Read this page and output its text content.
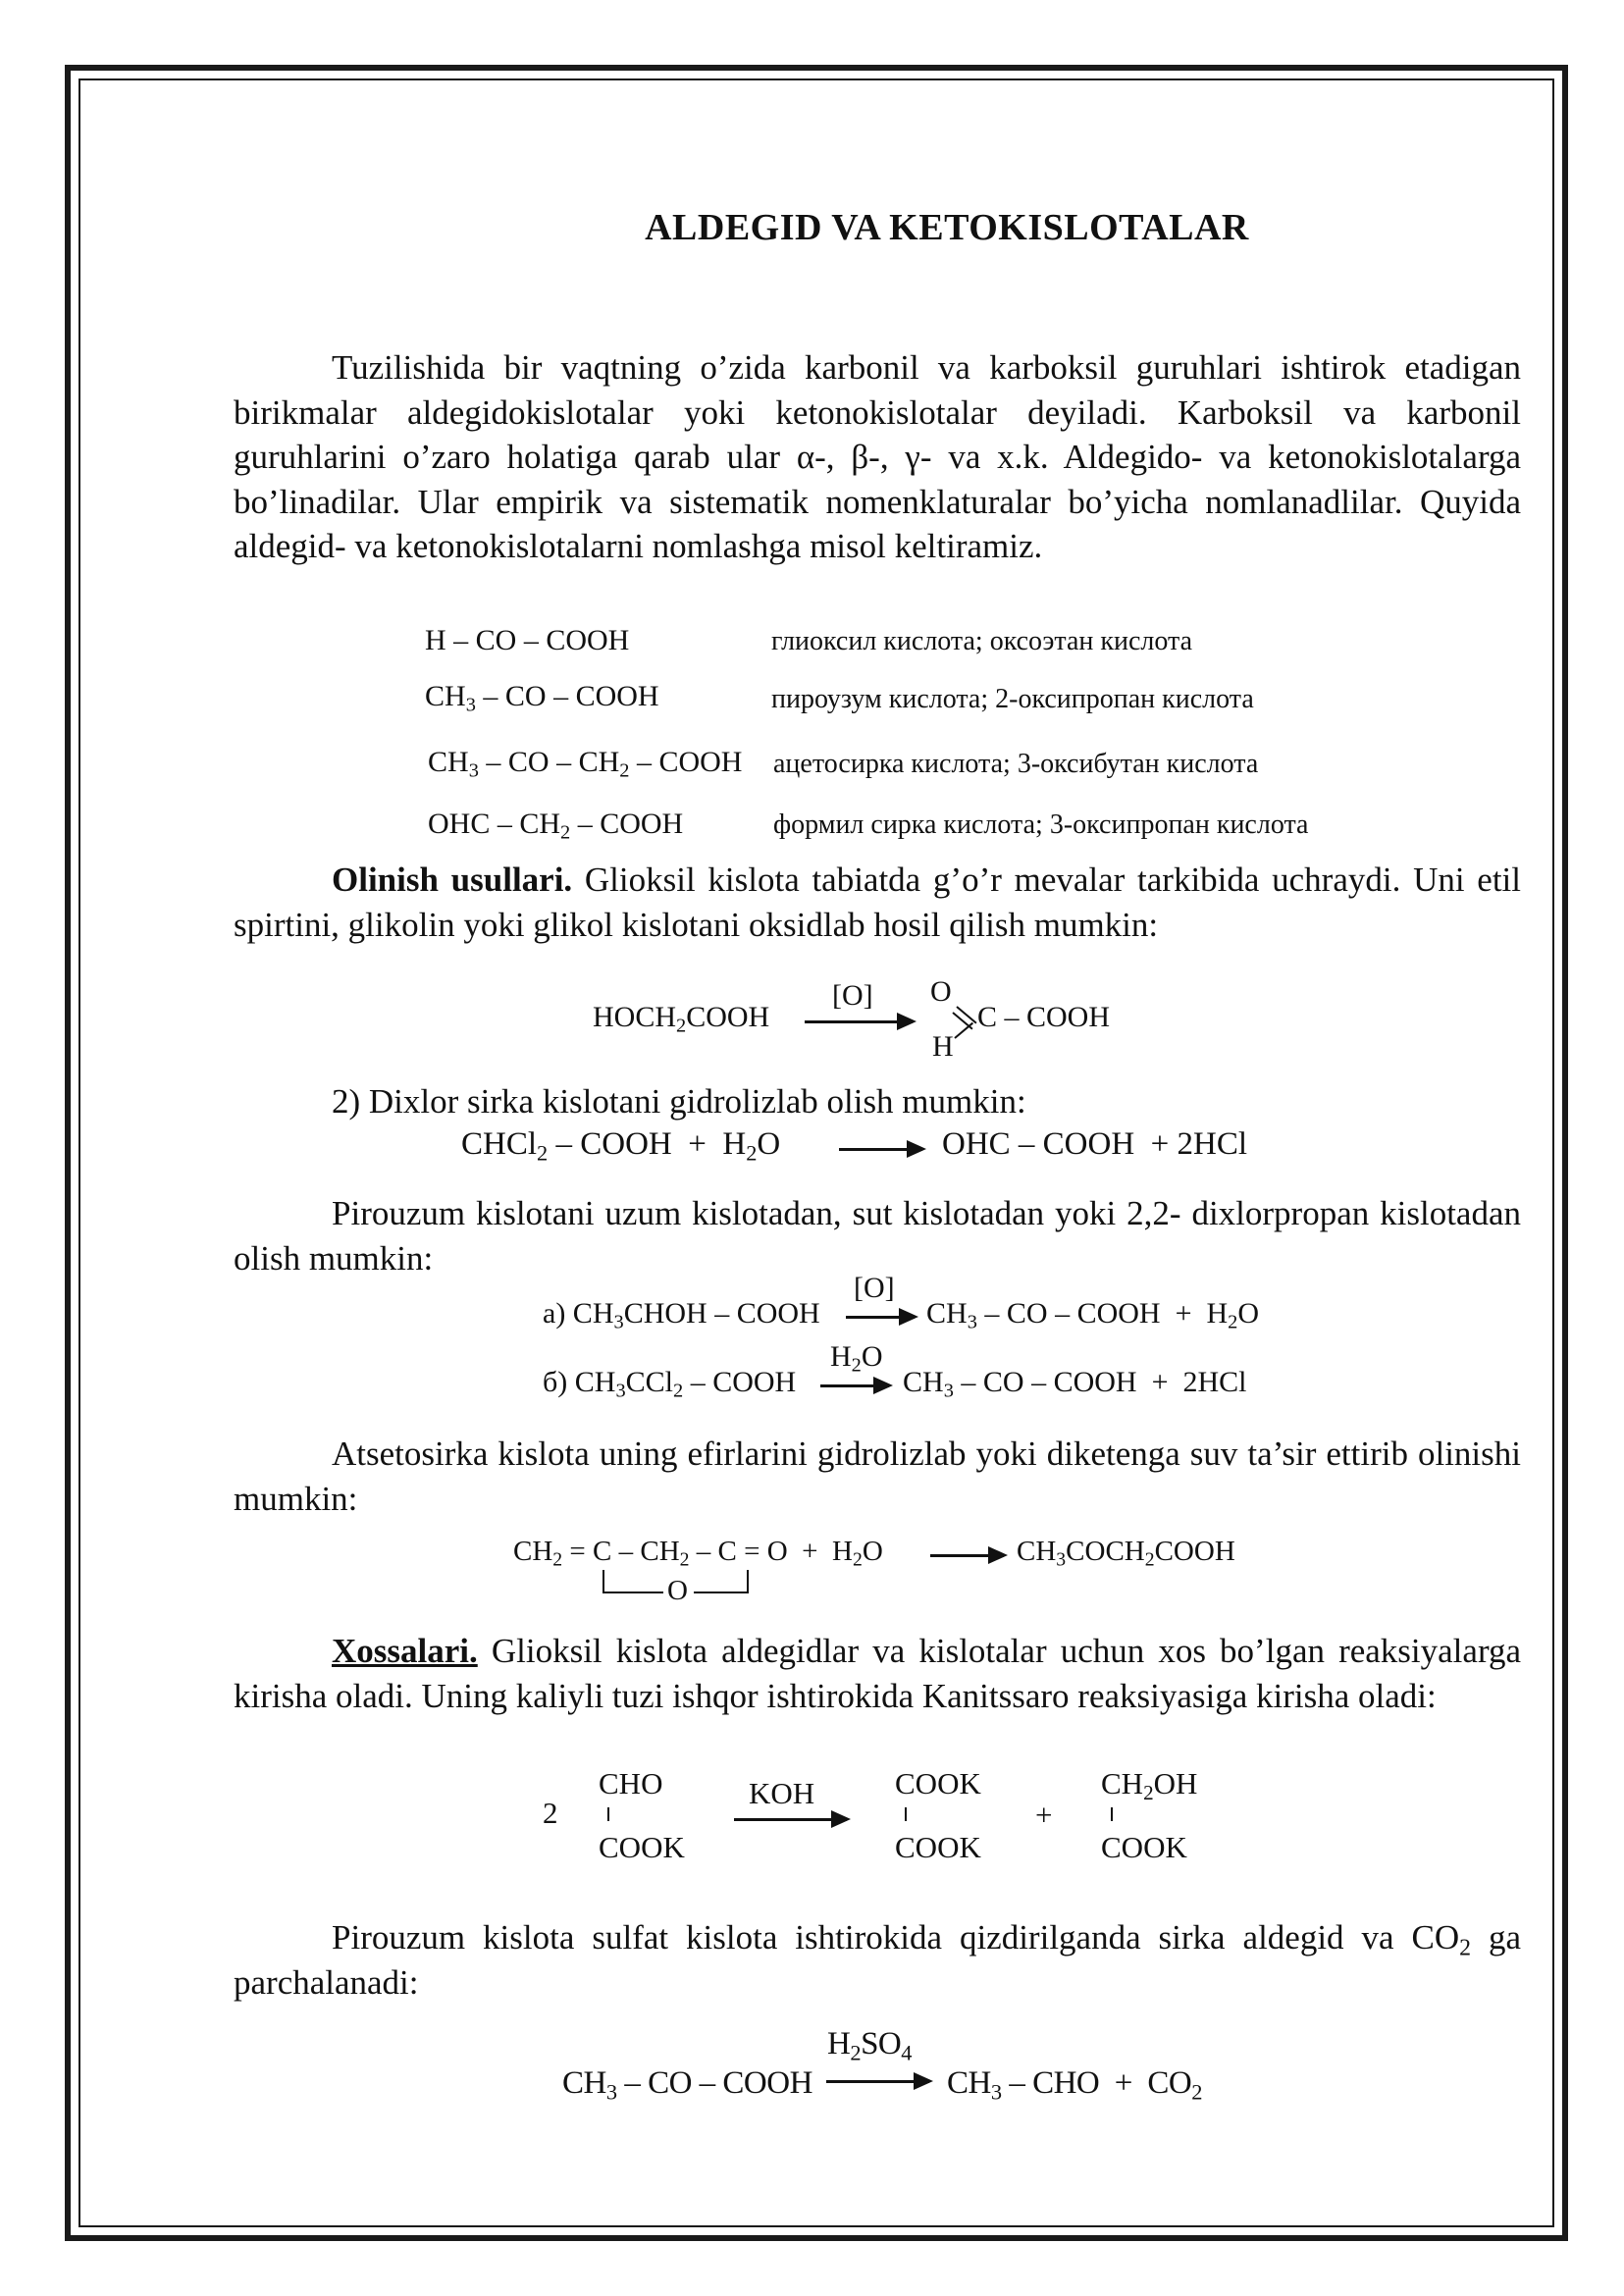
ALDEGID VA KETOKISLOTALAR
Tuzilishida bir vaqtning o’zida karbonil va karboksil guruhlari ishtirok etadigan birikmalar aldegidokislotalar yoki ketonokislotalar deyiladi. Karboksil va karbonil guruhlarini o’zaro holatiga qarab ular α-, β-, γ- va x.k. Aldegido- va ketonokislotalarga bo’linadilar. Ular empirik va sistematik nomenklaturalar bo’yicha nomlanadlilar. Quyida aldegid- va ketonokislotalarni nomlashga misol keltiramiz.
H – CO – COOH	глиоксил кислота; оксоэтан кислота
$CH_3$ – CO – COOH	пироузум кислота; 2-оксипропан кислота
$CH_3$ – CO – $CH_2$ – COOH ацетосирка кислота; 3-оксибутан кислота
OHC – $CH_2$ – COOH	формил сирка кислота; 3-оксипропан кислота
Olinish usullari. Glioksil kislota tabiatda g’o’r mevalar tarkibida uchraydi. Uni etil spirtini, glikolin yoki glikol kislotani oksidlab hosil qilish mumkin:
$HOCH_2COOH$
[O] O
C – COOH
H
2) Dixlor sirka kislotani gidrolizlab olish mumkin:
CHCl$_2$ – COOH  +  $H_2O$	OHC – COOH  + 2HCl
Pirouzum kislotani uzum kislotadan, sut kislotadan yoki 2,2- dixlorpropan kislotadan olish mumkin:
а) $CH_3CHOH$ – COOH
[O]
$CH_3$ – CO – COOH  +  $H_2O$
б) $CH_3CCl_2$ – COOH
$H_2O$
$CH_3$ – CO – COOH  +  2HCl
Atsetosirka kislota uning efirlarini gidrolizlab yoki diketenga suv ta’sir ettirib olinishi mumkin:
$CH_2 = C - CH_2 - C = O + H_2O$
O
$CH_3COCH_2COOH$
Xossalari. Glioksil kislota aldegidlar va kislotalar uchun xos bo’lgan reaksiyalarga kirisha oladi. Uning kaliyli tuzi ishqor ishtirokida Kanitssaro reaksiyasiga kirisha oladi:
2
CHO
COOK
KOH	COOK
COOK
+
$CH_2OH$
COOK
Pirouzum kislota sulfat kislota ishtirokida qizdirilganda sirka aldegid va $CO_2$ ga parchalanadi:
$CH_3$ – CO – COOH
$H_2SO_4$
$CH_3$ – CHO  +  $CO_2$
